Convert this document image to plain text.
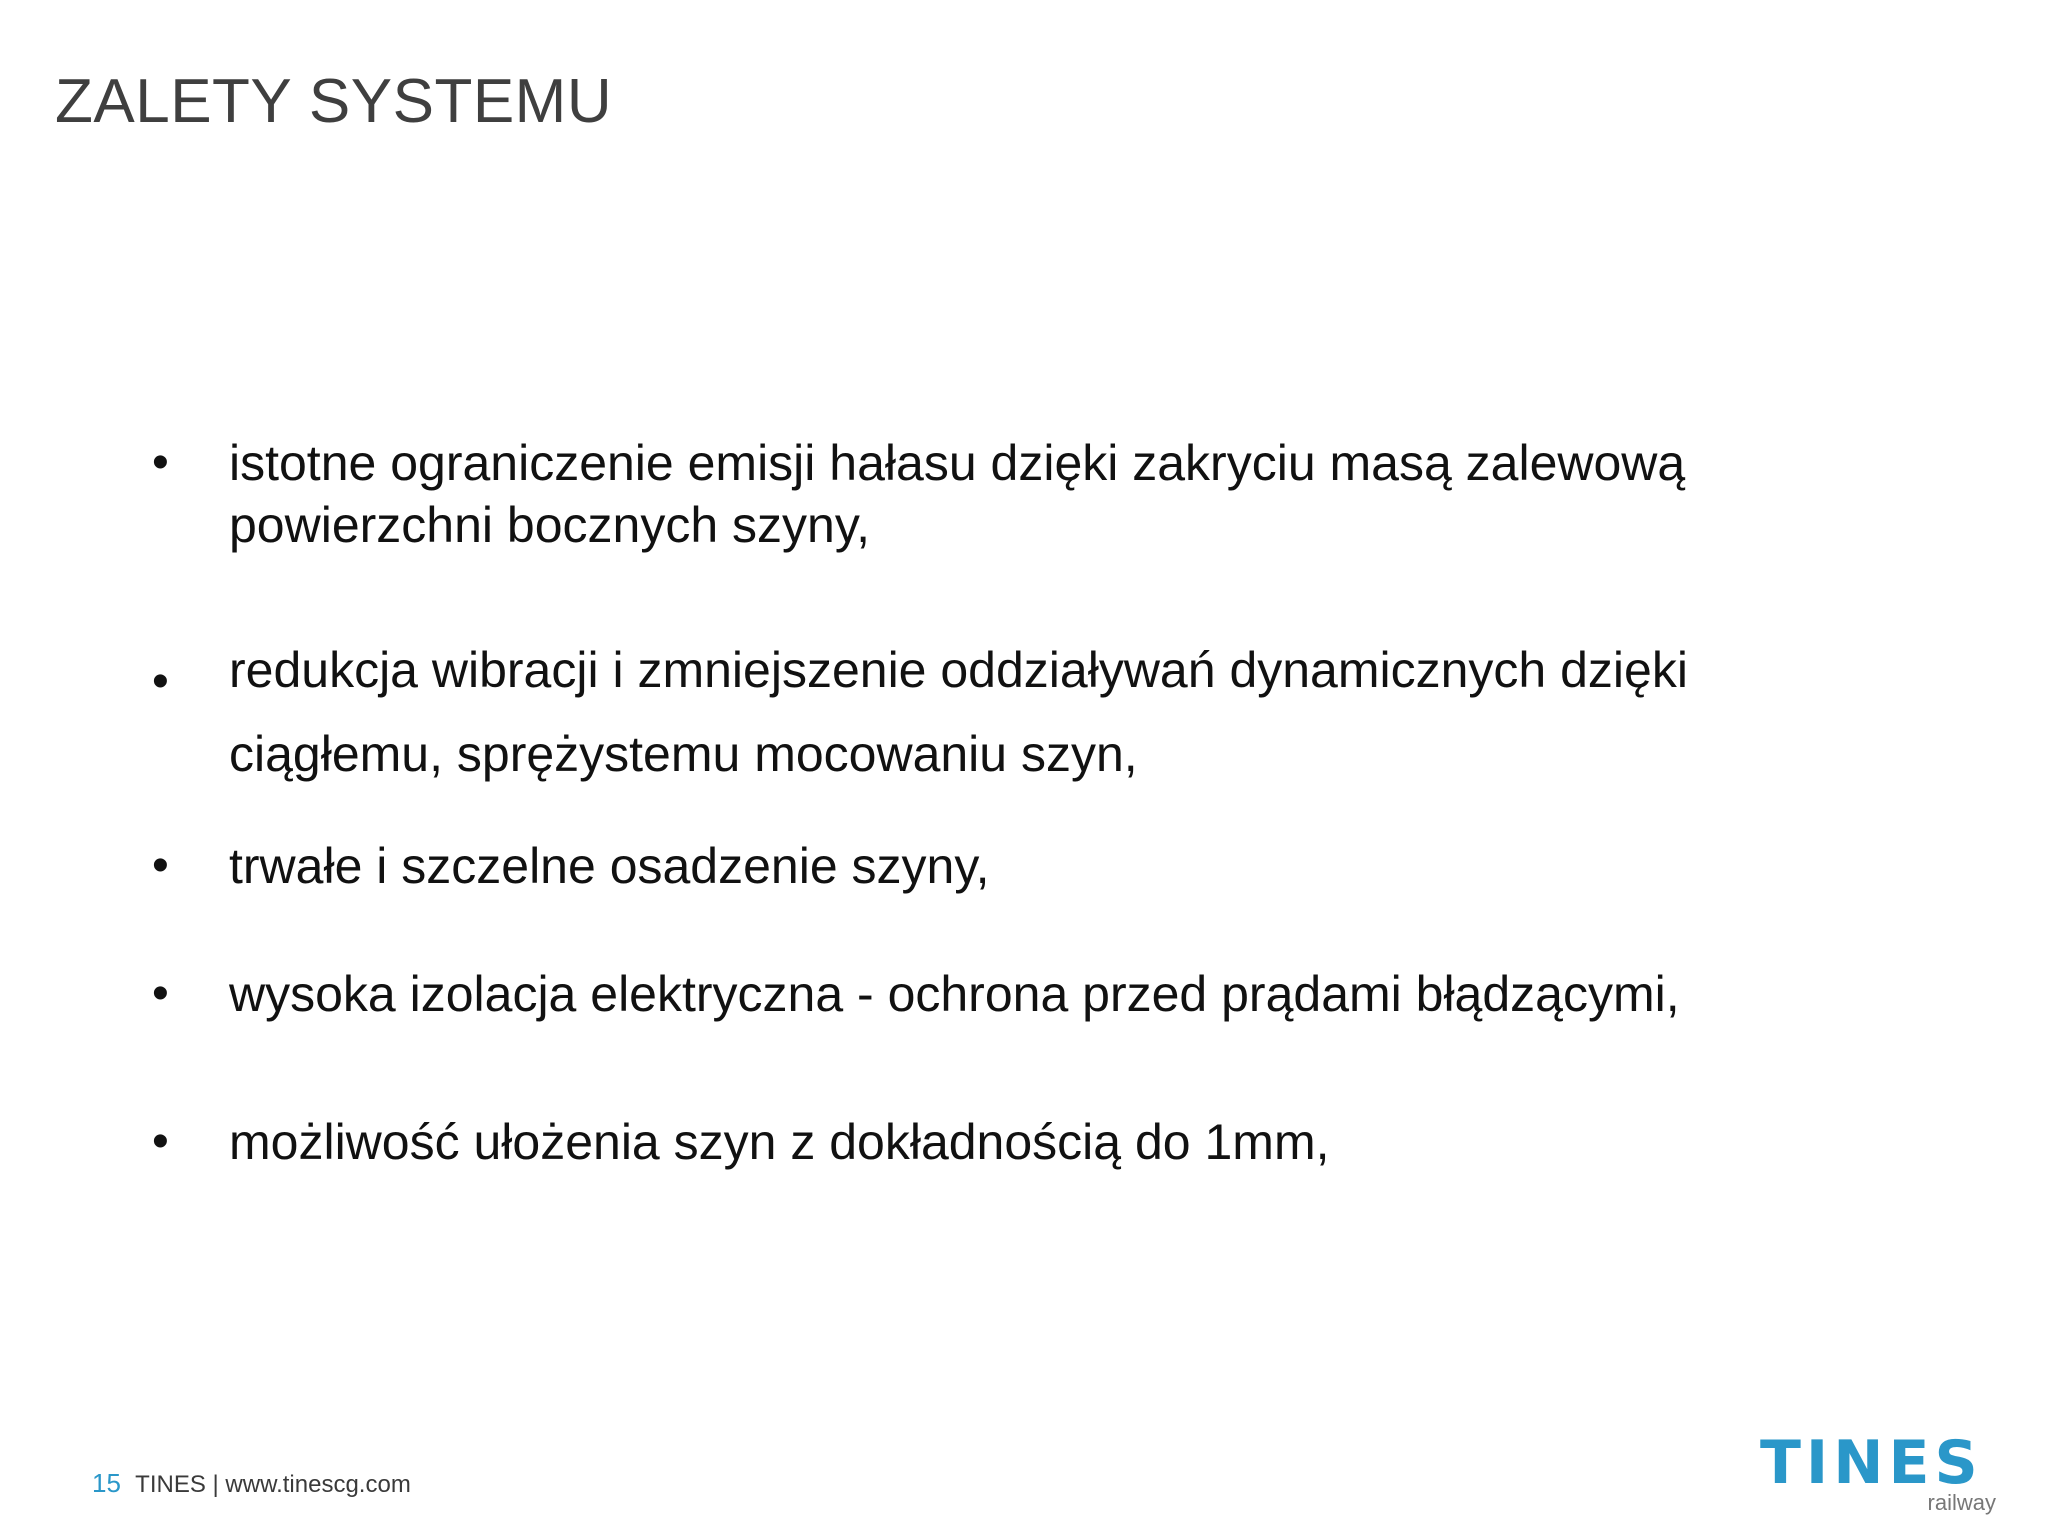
ZALETY SYSTEMU
•	istotne ograniczenie emisji hałasu dzięki zakryciu masą zalewową
powierzchni bocznych szyny,
•	redukcja wibracji i zmniejszenie oddziaływań dynamicznych dzięki
ciągłemu, sprężystemu mocowaniu szyn,
•	trwałe i szczelne osadzenie szyny,
•	wysoka izolacja elektryczna - ochrona przed prądami błądzącymi,
•	możliwość ułożenia szyn z dokładnością do 1mm,
15 TINES | www.tinescg.com	TINES
railway
